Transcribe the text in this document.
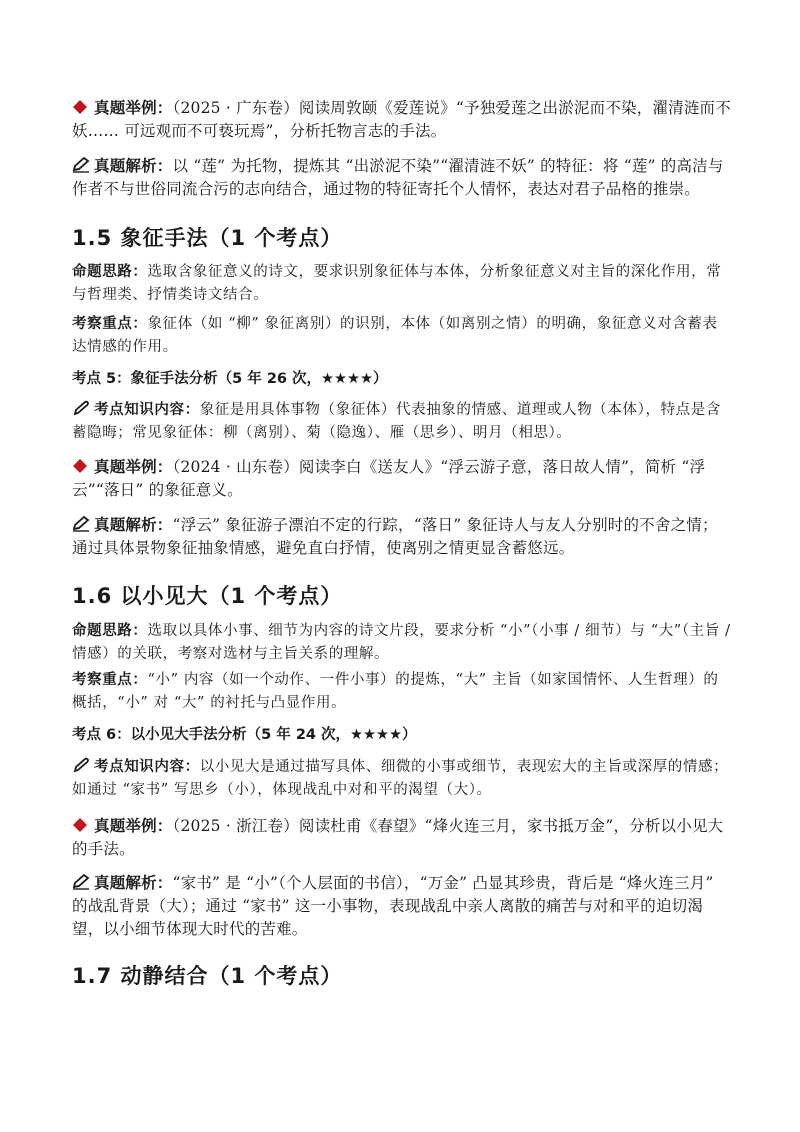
真题举例：（2025 · 广东卷）阅读周敦颐《爱莲说》“予独爱莲之出淤泥而不染，濯清涟而不妖…… 可远观而不可亵玩焉”，分析托物言志的手法。
真题解析：以 “莲” 为托物，提炼其 “出淤泥不染”“濯清涟不妖” 的特征：将 “莲” 的高洁与作者不与世俗同流合污的志向结合，通过物的特征寄托个人情怀，表达对君子品格的推崇。
1.5 象征手法（1 个考点）
命题思路：选取含象征意义的诗文，要求识别象征体与本体，分析象征意义对主旨的深化作用，常与哲理类、抒情类诗文结合。
考察重点：象征体（如 “柳” 象征离别）的识别，本体（如离别之情）的明确，象征意义对含蓄表达情感的作用。
考点 5：象征手法分析（5 年 26 次，★★★★）
考点知识内容：象征是用具体事物（象征体）代表抽象的情感、道理或人物（本体），特点是含蓄隐晦；常见象征体：柳（离别）、菊（隐逸）、雁（思乡）、明月（相思）。
真题举例：（2024 · 山东卷）阅读李白《送友人》“浮云游子意，落日故人情”，简析 “浮云”“落日” 的象征意义。
真题解析：“浮云” 象征游子漂泊不定的行踪，“落日” 象征诗人与友人分别时的不舍之情；通过具体景物象征抽象情感，避免直白抒情，使离别之情更显含蓄悠远。
1.6 以小见大（1 个考点）
命题思路：选取以具体小事、细节为内容的诗文片段，要求分析 “小”（小事 / 细节）与 “大”（主旨 / 情感）的关联，考察对选材与主旨关系的理解。
考察重点：“小” 内容（如一个动作、一件小事）的提炼，“大” 主旨（如家国情怀、人生哲理）的概括，“小” 对 “大” 的衬托与凸显作用。
考点 6：以小见大手法分析（5 年 24 次，★★★★）
考点知识内容：以小见大是通过描写具体、细微的小事或细节，表现宏大的主旨或深厚的情感；如通过 “家书” 写思乡（小），体现战乱中对和平的渴望（大）。
真题举例：（2025 · 浙江卷）阅读杜甫《春望》“烽火连三月，家书抵万金”，分析以小见大的手法。
真题解析：“家书” 是 “小”（个人层面的书信），“万金” 凸显其珍贵，背后是 “烽火连三月” 的战乱背景（大）；通过 “家书” 这一小事物，表现战乱中亲人离散的痛苦与对和平的迫切渴望，以小细节体现大时代的苦难。
1.7 动静结合（1 个考点）
